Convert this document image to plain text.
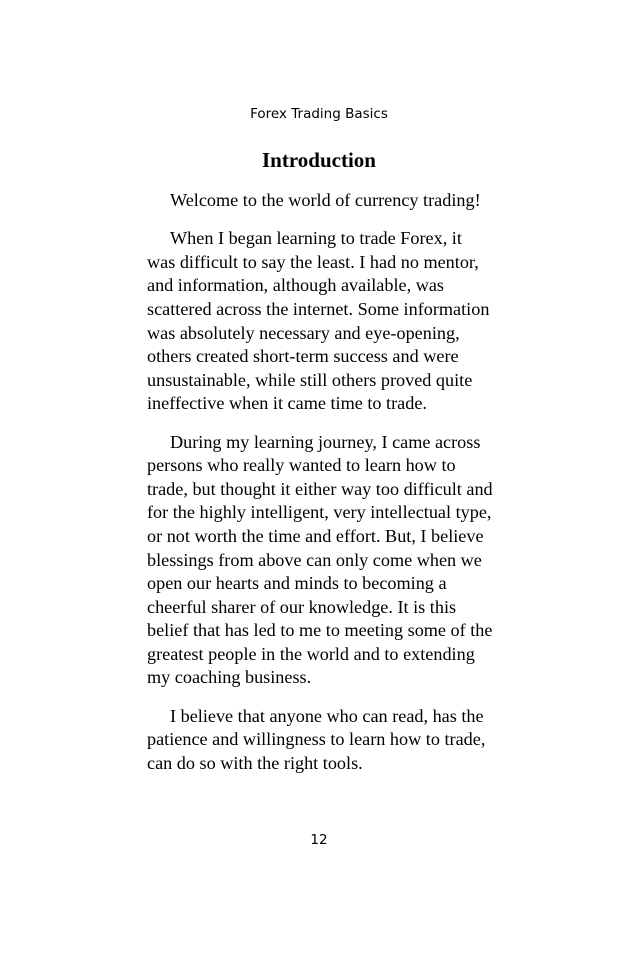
Forex Trading Basics

Introduction

Welcome to the world of currency trading!

When I began learning to trade Forex, it was difficult to say the least. I had no mentor, and information, although available, was scattered across the internet. Some information was absolutely necessary and eye-opening, others created short-term success and were unsustainable, while still others proved quite ineffective when it came time to trade.

During my learning journey, I came across persons who really wanted to learn how to trade, but thought it either way too difficult and for the highly intelligent, very intellectual type, or not worth the time and effort. But, I believe blessings from above can only come when we open our hearts and minds to becoming a cheerful sharer of our knowledge. It is this belief that has led to me to meeting some of the greatest people in the world and to extending my coaching business.

I believe that anyone who can read, has the patience and willingness to learn how to trade, can do so with the right tools.

12
